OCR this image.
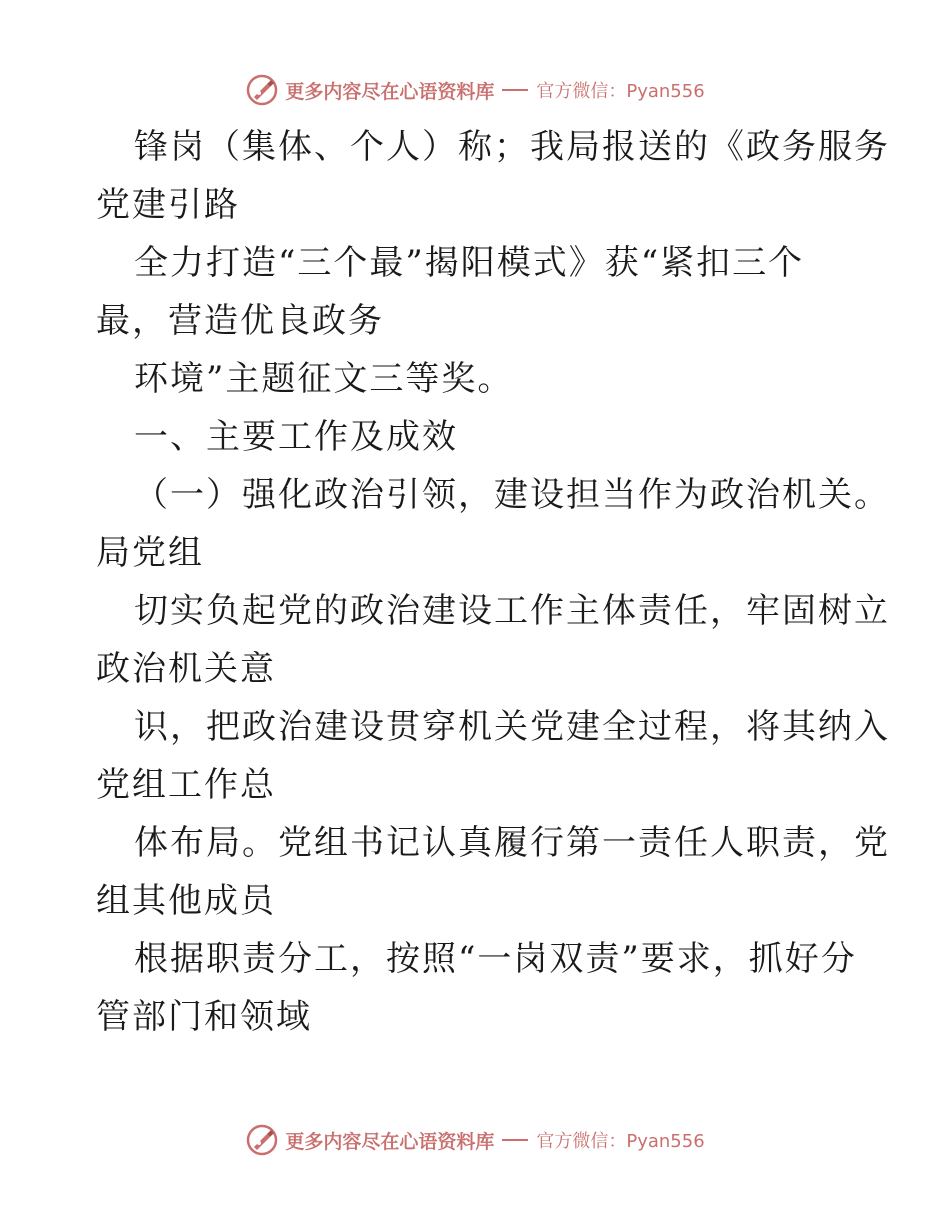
更多内容尽在心语资料库 官方微信：Pyan556
锋岗（集体、个人）称；我局报送的《政务服务
党建引路
全力打造“三个最”揭阳模式》获“紧扣三个
最，营造优良政务
环境”主题征文三等奖。
一、主要工作及成效
（一）强化政治引领，建设担当作为政治机关。
局党组
切实负起党的政治建设工作主体责任，牢固树立
政治机关意
识，把政治建设贯穿机关党建全过程，将其纳入
党组工作总
体布局。党组书记认真履行第一责任人职责，党
组其他成员
根据职责分工，按照“一岗双责”要求，抓好分
管部门和领域
更多内容尽在心语资料库 官方微信：Pyan556
